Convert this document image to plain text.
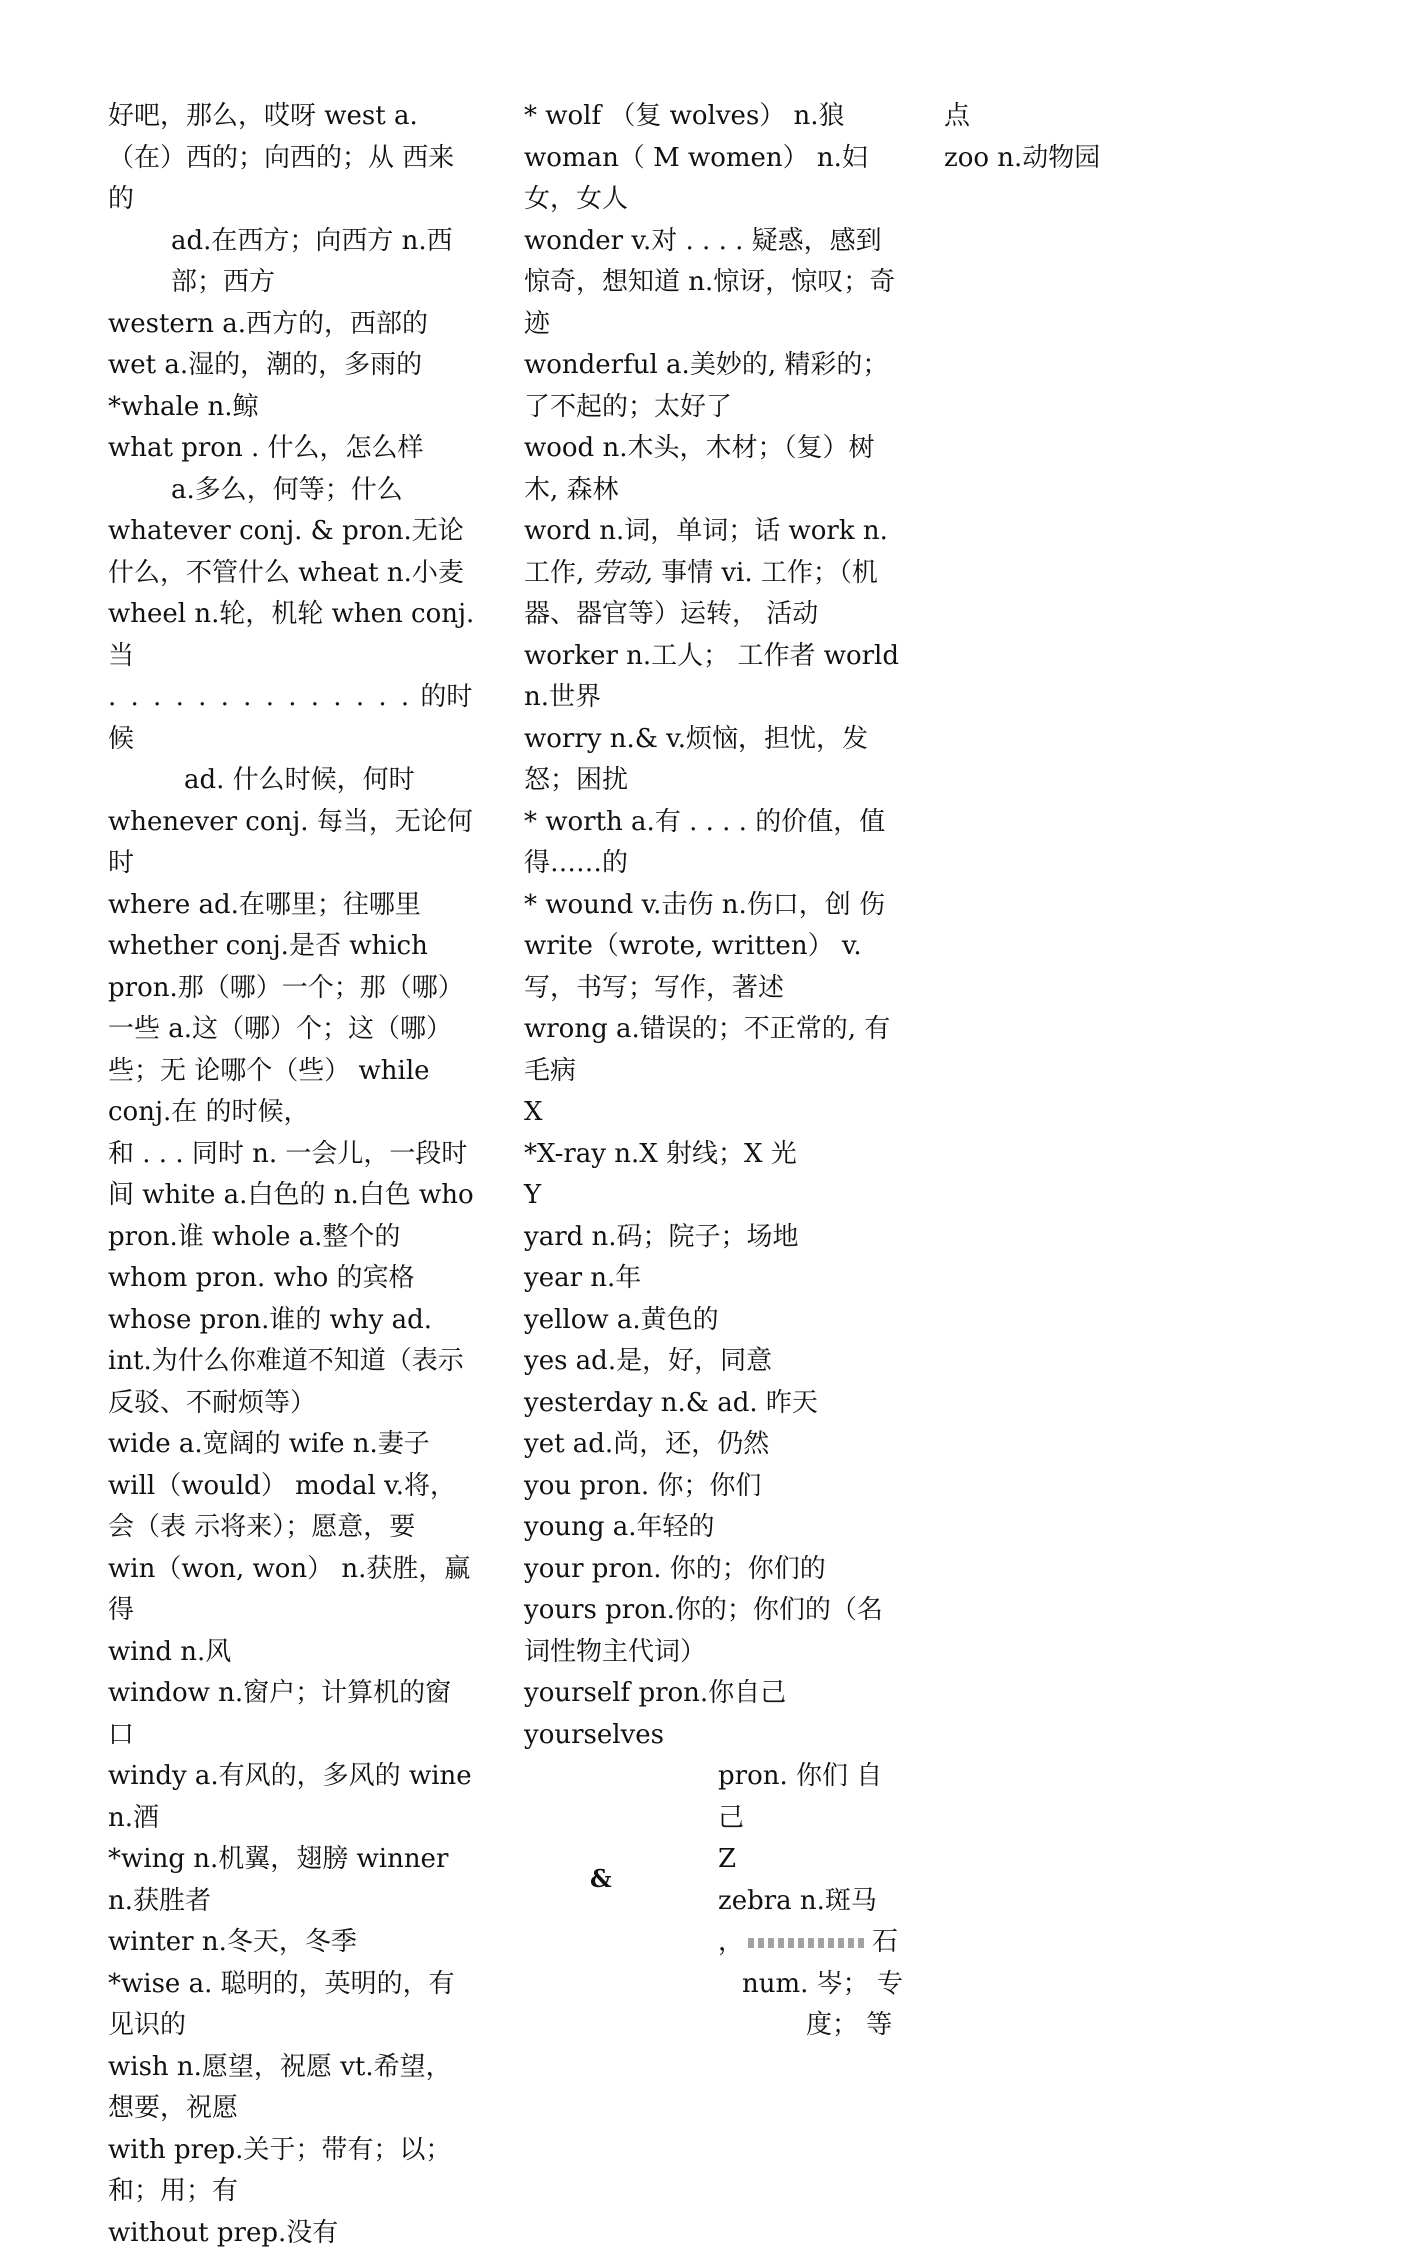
好吧，那么，哎呀 west a.

（在）西的；向西的；从 西来的

ad.在西方；向西方 n.西部；西方

western a.西方的，西部的 wet a.湿的，潮的，多雨的 *whale n.鲸

what pron . 什么，怎么样

a.多么，何等；什么

whatever conj. & pron.无论什么，不管什么 wheat n.小麦

wheel n.轮，机轮 when conj. 当

. . . . . . . . . . . . . . 的时候

ad. 什么时候，何时

whenever conj. 每当，无论何 时

where ad.在哪里；往哪里

whether conj.是否 which pron.那（哪）一个；那（哪） 一些 a.这（哪）个；这（哪）些；无 论哪个（些） while conj.在 的时候，

和 . . . 同时 n. 一会儿，一段时间 white a.白色的 n.白色 who pron.谁 whole a.整个的 whom pron. who 的宾格 whose pron.谁的 why ad. int.为什么你难道不知道（表示反驳、不耐烦等）

wide a.宽阔的 wife n.妻子

will（would） modal v.将，会（表 示将来）；愿意，要

win（won, won） n.获胜，赢得

wind n.风

window n.窗户；计算机的窗 口

windy a.有风的，多风的 wine n.酒

*wing n.机翼，翅膀 winner n.获胜者

winter n.冬天，冬季

*wise a. 聪明的，英明的，有见识的

wish n.愿望，祝愿 vt.希望， 想要，祝愿

with prep.关于；带有；以；和；用；有

without prep.没有

* wolf （复 wolves） n.狼

woman（ M women） n.妇女，女人

wonder v.对 . . . . 疑惑，感到惊奇，想知道 n.惊讶，惊叹；奇迹

wonderful a.美妙的, 精彩的； 了不起的；太好了

wood n.木头，木材；（复）树木, 森林

word n.词，单词；话 work n.工作, 劳动, 事情 vi. 工作；（机器、器官等）运转， 活动

worker n.工人； 工作者 world n.世界

worry n.& v.烦恼，担忧，发 怒；困扰

* worth a.有 . . . . 的价值，值得……的

* wound v.击伤 n.伤口，创 伤

write（wrote, written） v.写，书写；写作，著述

wrong a.错误的；不正常的, 有毛病

X

*X-ray n.X 射线；X 光

Y

yard n.码；院子；场地

year n.年

yellow a.黄色的

yes ad.是，好，同意

yesterday n.& ad. 昨天

yet ad.尚，还，仍然

you pron. 你；你们

young a.年轻的

your pron. 你的；你们的

yours pron.你的；你们的（名 词性物主代词）

yourself pron.你自己 yourselves

pron. 你们 自己

Z

zebra n.斑马

，	石

num. 岑； 专

度； 等

&

点

zoo n.动物园
